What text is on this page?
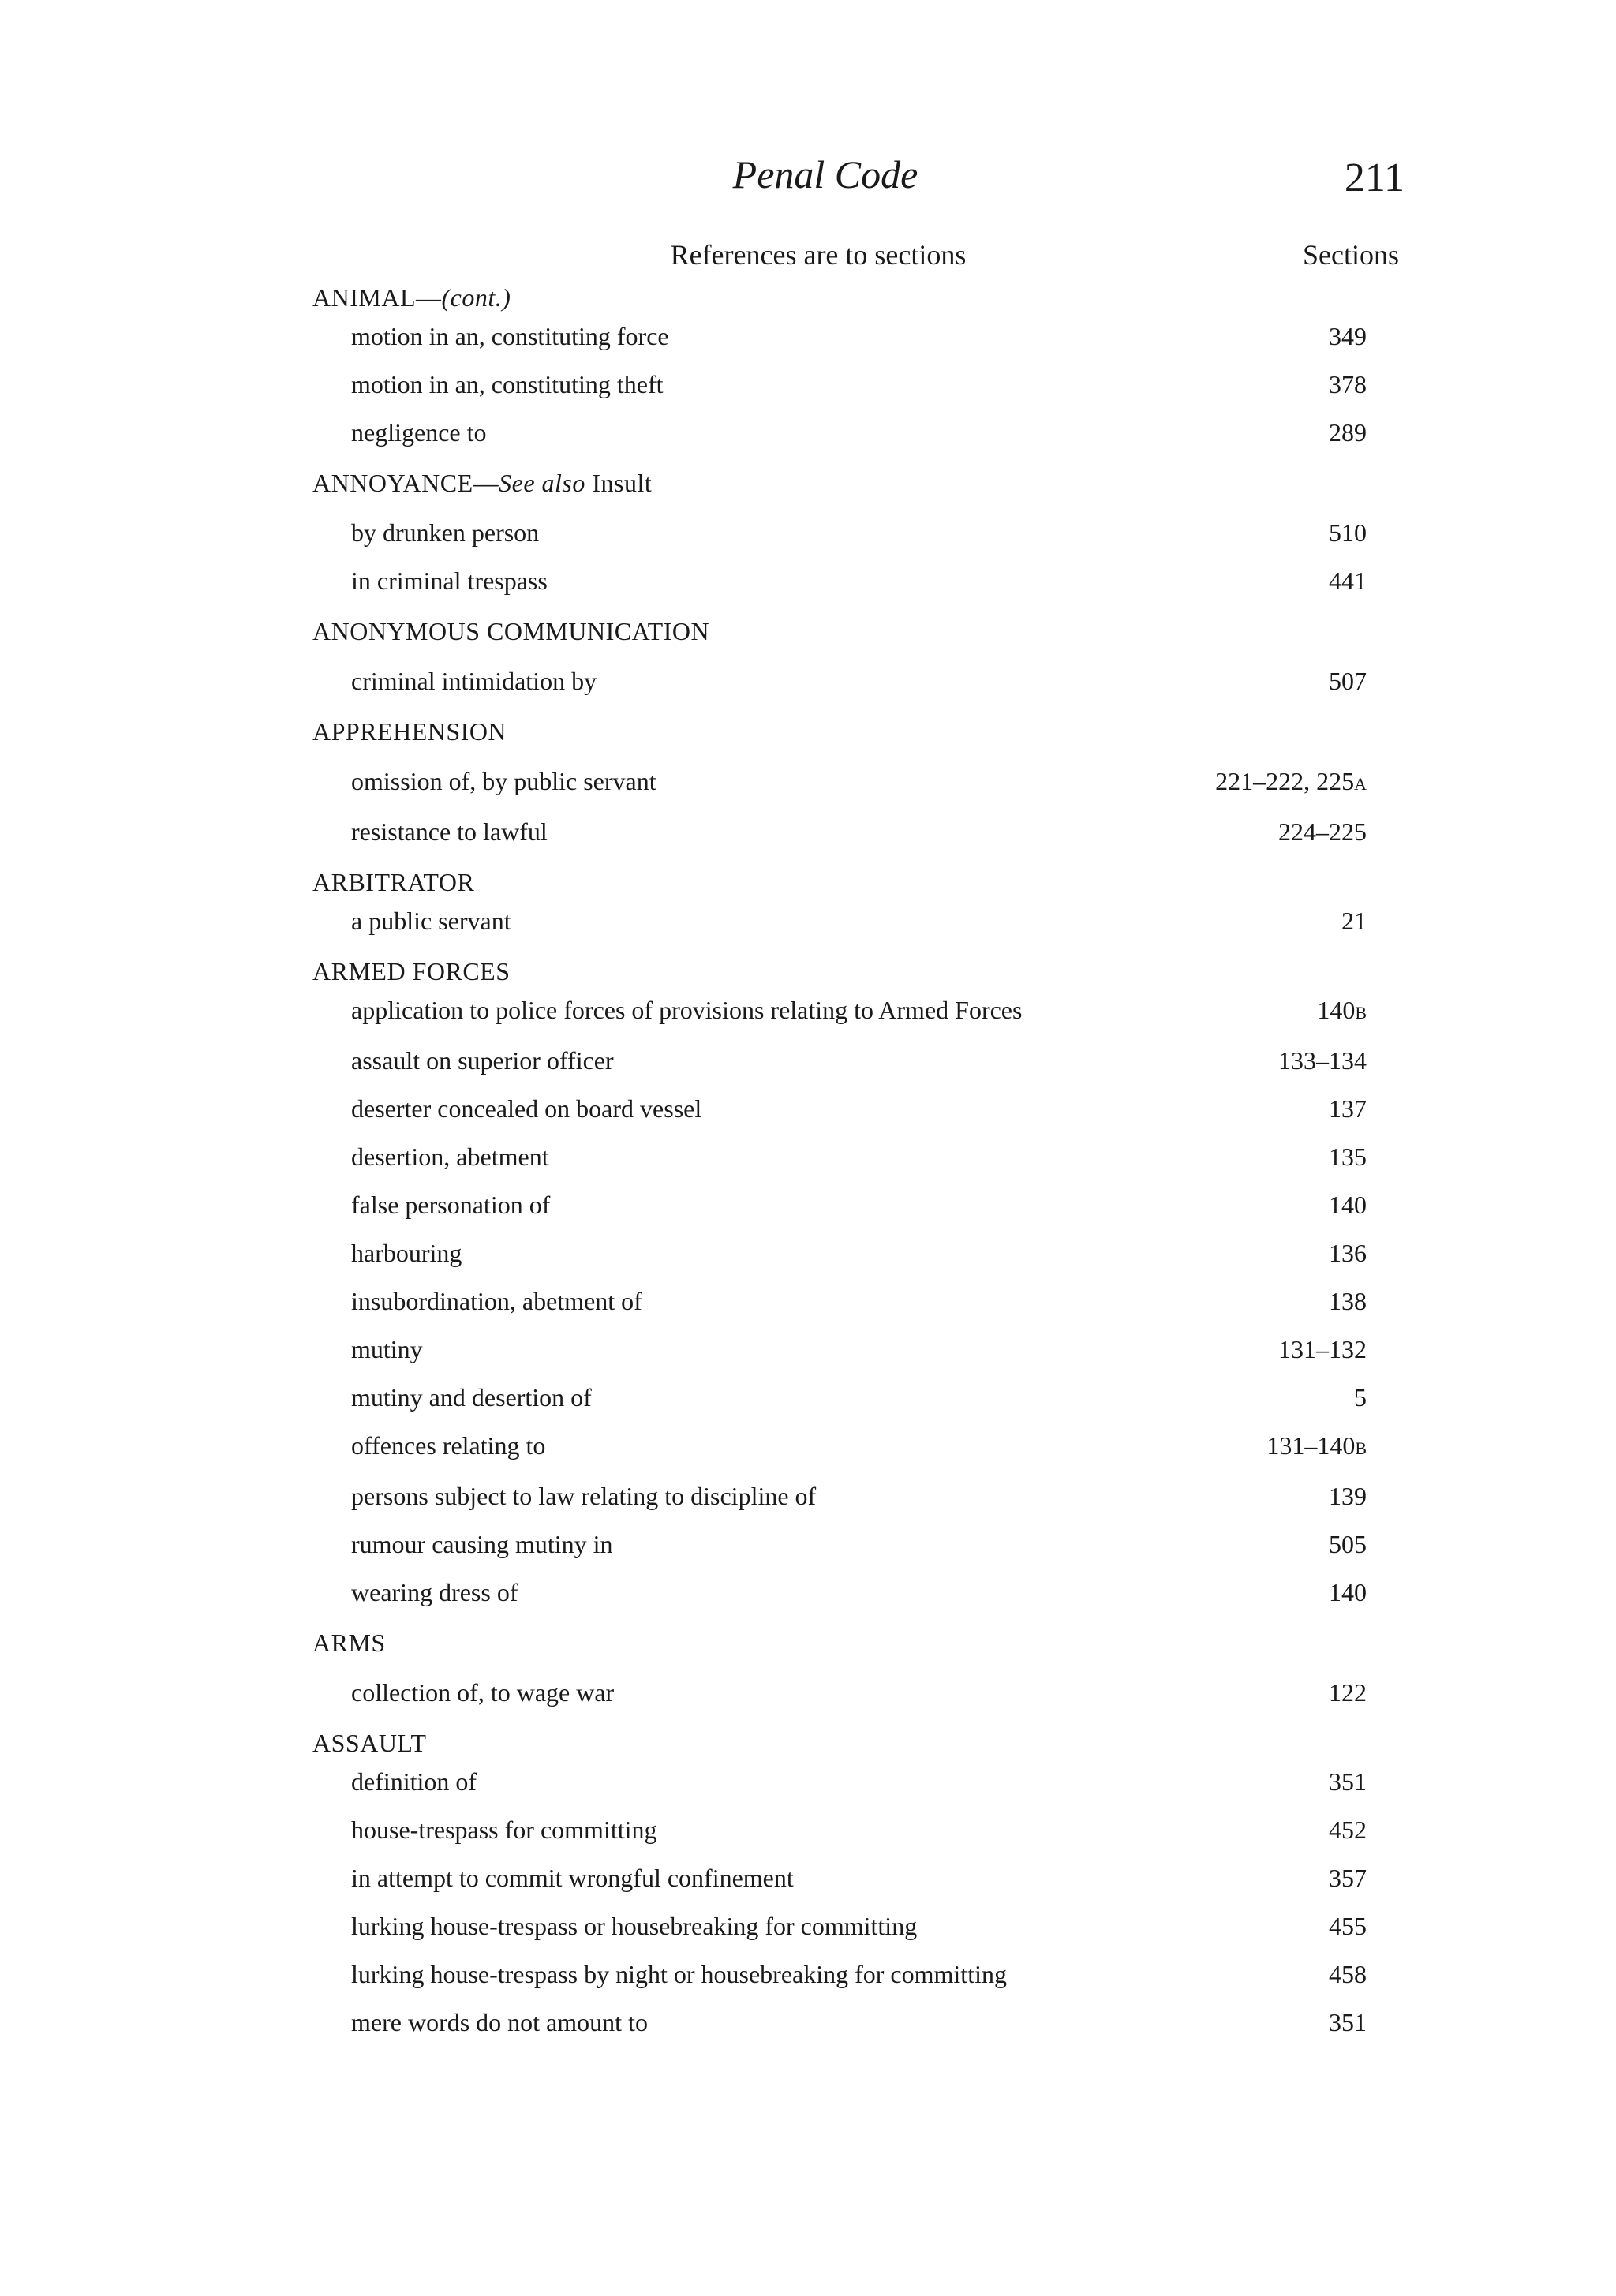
Penal Code	211
References are to sections	Sections
ANIMAL—(cont.)
motion in an, constituting force	349
motion in an, constituting theft	378
negligence to	289
ANNOYANCE—See also Insult
by drunken person	510
in criminal trespass	441
ANONYMOUS COMMUNICATION
criminal intimidation by	507
APPREHENSION
omission of, by public servant	221–222, 225A
resistance to lawful	224–225
ARBITRATOR
a public servant	21
ARMED FORCES
application to police forces of provisions relating to Armed Forces	140B
assault on superior officer	133–134
deserter concealed on board vessel	137
desertion, abetment	135
false personation of	140
harbouring	136
insubordination, abetment of	138
mutiny	131–132
mutiny and desertion of	5
offences relating to	131–140B
persons subject to law relating to discipline of	139
rumour causing mutiny in	505
wearing dress of	140
ARMS
collection of, to wage war	122
ASSAULT
definition of	351
house-trespass for committing	452
in attempt to commit wrongful confinement	357
lurking house-trespass or housebreaking for committing	455
lurking house-trespass by night or housebreaking for committing	458
mere words do not amount to	351
